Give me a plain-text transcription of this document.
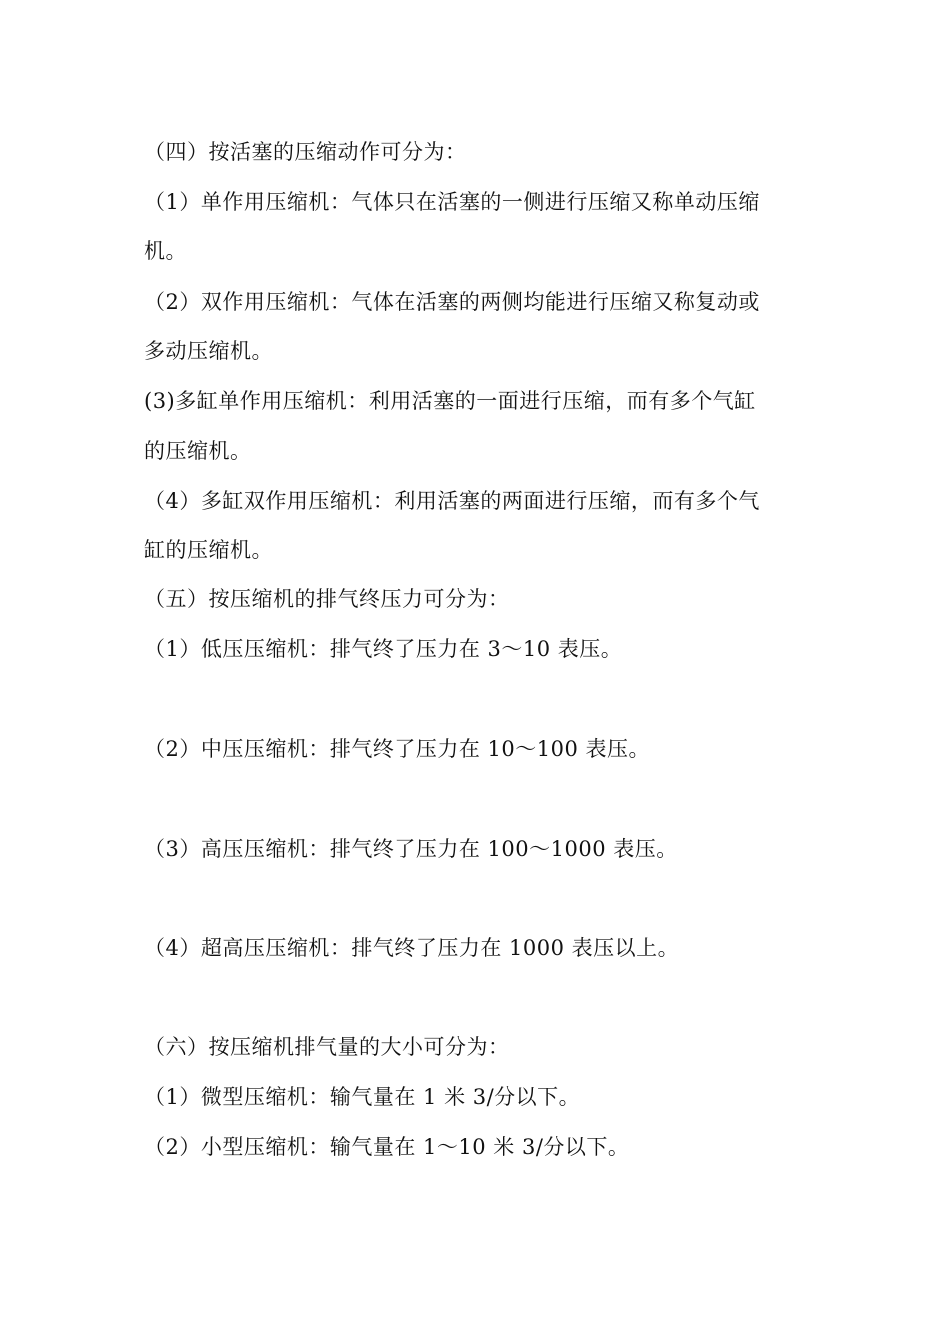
（四）按活塞的压缩动作可分为：
（1）单作用压缩机：气体只在活塞的一侧进行压缩又称单动压缩
机。
（2）双作用压缩机：气体在活塞的两侧均能进行压缩又称复动或
多动压缩机。
(3)多缸单作用压缩机：利用活塞的一面进行压缩，而有多个气缸
的压缩机。
（4）多缸双作用压缩机：利用活塞的两面进行压缩，而有多个气
缸的压缩机。
（五）按压缩机的排气终压力可分为：
（1）低压压缩机：排气终了压力在 3～10 表压。
（2）中压压缩机：排气终了压力在 10～100 表压。
（3）高压压缩机：排气终了压力在 100～1000 表压。
（4）超高压压缩机：排气终了压力在 1000 表压以上。
（六）按压缩机排气量的大小可分为：
（1）微型压缩机：输气量在 1 米 3/分以下。
（2）小型压缩机：输气量在 1～10 米 3/分以下。
